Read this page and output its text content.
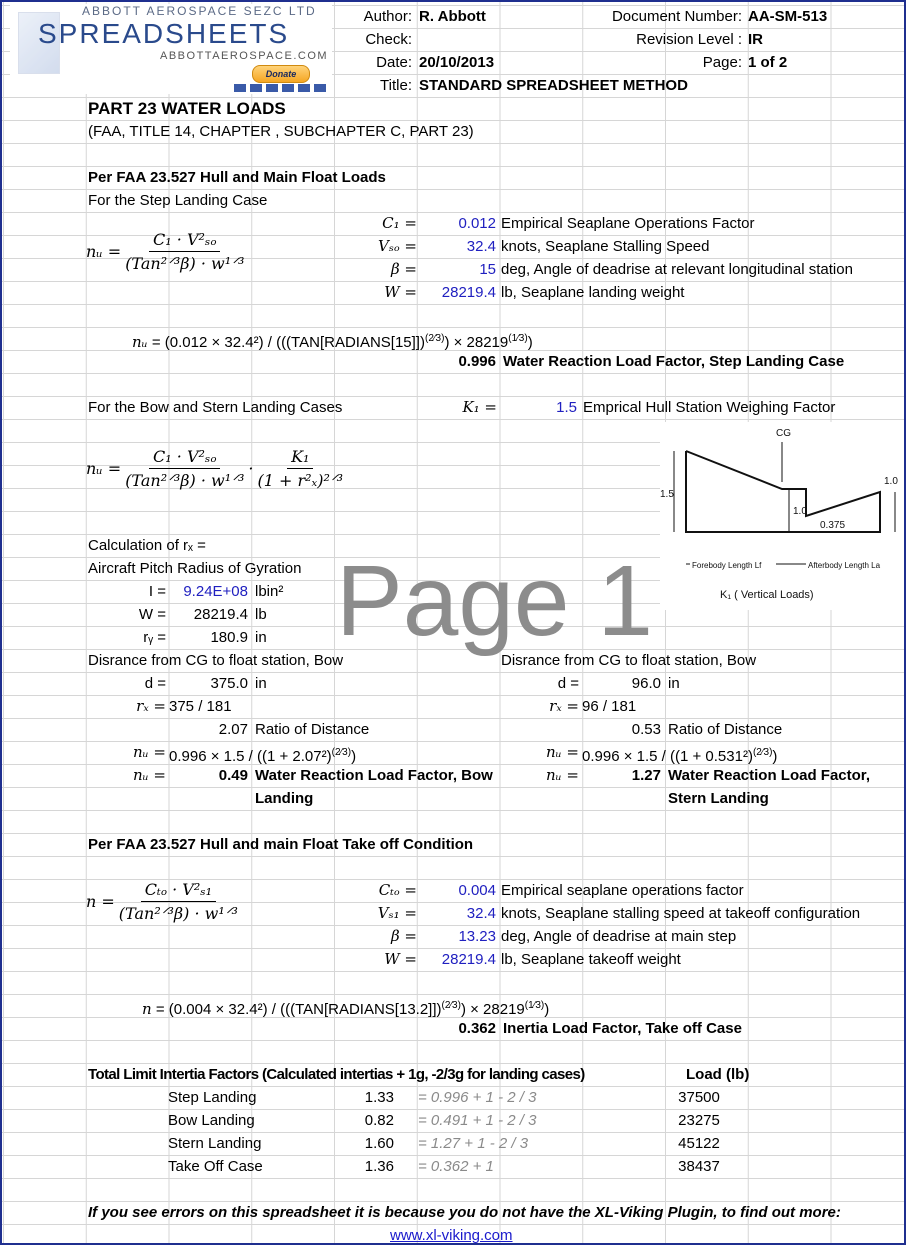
ABBOTT AEROSPACE SEZC LTD
SPREADSHEETS
ABBOTTAEROSPACE.COM
Donate
Author: R. Abbott
Check:
Date: 20/10/2013
Title: STANDARD SPREADSHEET METHOD
Document Number: AA-SM-513
Revision Level : IR
Page: 1 of 2
Page 1
PART 23 WATER LOADS
(FAA, TITLE 14, CHAPTER , SUBCHAPTER C, PART 23)
Per FAA 23.527 Hull and Main Float Loads
For the Step Landing Case
nᵤ = $\frac{\text{C₁ · V²ₛₒ}}{\text{(Tan²ᐟ³β) · w¹ᐟ³}}$
nᵤ = (0.012 × 32.4²) / (((TAN[RADIANS[15]])$^{(2⁄3)}$) × $28219^{(1⁄3)}$)
0.996 Water Reaction Load Factor, Step Landing Case
For the Bow and Stern Landing Cases	K₁ =	1.5 Emprical Hull Station Weighing Factor
nᵤ = $\frac{\text{C₁ · V²ₛₒ}}{\text{(Tan²ᐟ³β) · w¹ᐟ³}} \cdot \frac{\text{K₁}}{\text{(1 + r²ₓ)²ᐟ³}}$
CG
1.5
1.0
0.375
1.0
Forebody Length Lf	Afterbody Length La
K₁ ( Vertical Loads)
Calculation of rₓ =
Aircraft Pitch Radius of Gyration
Per FAA 23.527 Hull and main Float Take off Condition
$n = \frac{\text{Cₜₒ · V²ₛ₁}}{\text{(Tan²ᐟ³β) · w¹ᐟ³}}$
n = (0.004 × 32.4²) / (((TAN[RADIANS[13.2]])$^{(2⁄3)}$) × $28219^{(1⁄3)}$)
0.362 Inertia Load Factor, Take off Case
Total Limit Intertia Factors (Calculated intertias + 1g, -2/3g for landing cases)	Load (lb)
If you see errors on this spreadsheet it is because you do not have the XL-Viking Plugin, to find out more:
www.xl-viking.com
C₁ =	0.012 Empirical Seaplane Operations Factor
Vₛₒ =	32.4 knots, Seaplane Stalling Speed
β =	15 deg, Angle of deadrise at relevant longitudinal station
W =	28219.4 lb, Seaplane landing weight
Cₜₒ =	0.004 Empirical seaplane operations factor
Vₛ₁ =	32.4 knots, Seaplane stalling speed at takeoff configuration
β =	13.23 deg, Angle of deadrise at main step
W =	28219.4 lb, Seaplane takeoff weight
I =	9.24E+08 lbin²
W =	28219.4 lb
rᵧ =	180.9 in
Disrance from CG to float station, Bow
d =	375.0 in
rₓ = 375 / 181
2.07 Ratio of Distance
nᵤ = $0.996 \times 1.5 / ((1 + 2.07^2)^{(2⁄3)})$
nᵤ =	0.49 Water Reaction Load Factor, Bow
Landing
Disrance from CG to float station, Bow
d =	96.0 in
rₓ = 96 / 181
0.53 Ratio of Distance
nᵤ = $0.996 \times 1.5 / ((1 + 0.531^2)^{(2⁄3)})$
nᵤ =	1.27 Water Reaction Load Factor,
Stern Landing
Step Landing	1.33 = 0.996 + 1 - 2 / 3	37500
Bow Landing	0.82 = 0.491 + 1 - 2 / 3	23275
Stern Landing	1.60 = 1.27 + 1 - 2 / 3	45122
Take Off Case	1.36 = 0.362 + 1	38437
